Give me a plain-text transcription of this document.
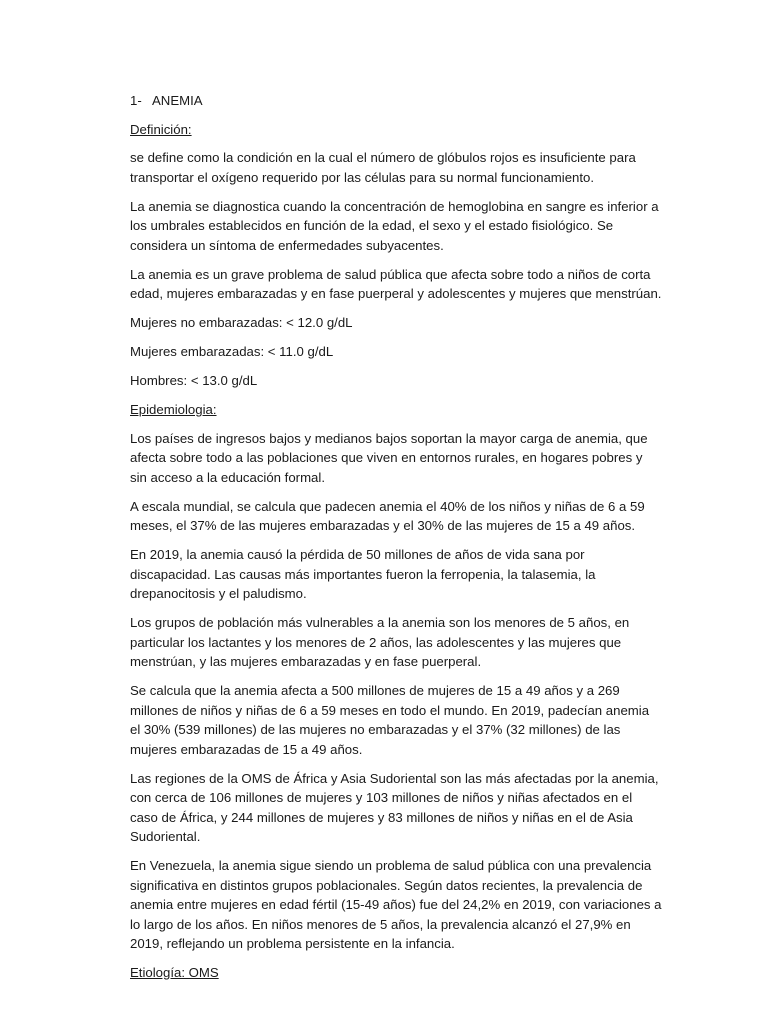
1- ANEMIA
Definición:

se define como la condición en la cual el número de glóbulos rojos es insuficiente para transportar el oxígeno requerido por las células para su normal funcionamiento.

La anemia se diagnostica cuando la concentración de hemoglobina en sangre es inferior a los umbrales establecidos en función de la edad, el sexo y el estado fisiológico. Se considera un síntoma de enfermedades subyacentes.

La anemia es un grave problema de salud pública que afecta sobre todo a niños de corta edad, mujeres embarazadas y en fase puerperal y adolescentes y mujeres que menstrúan.

Mujeres no embarazadas: < 12.0 g/dL

Mujeres embarazadas: < 11.0 g/dL

Hombres: < 13.0 g/dL

Epidemiologia:

Los países de ingresos bajos y medianos bajos soportan la mayor carga de anemia, que afecta sobre todo a las poblaciones que viven en entornos rurales, en hogares pobres y sin acceso a la educación formal.

A escala mundial, se calcula que padecen anemia el 40% de los niños y niñas de 6 a 59 meses, el 37% de las mujeres embarazadas y el 30% de las mujeres de 15 a 49 años.

En 2019, la anemia causó la pérdida de 50 millones de años de vida sana por discapacidad. Las causas más importantes fueron la ferropenia, la talasemia, la drepanocitosis y el paludismo.

Los grupos de población más vulnerables a la anemia son los menores de 5 años, en particular los lactantes y los menores de 2 años, las adolescentes y las mujeres que menstrúan, y las mujeres embarazadas y en fase puerperal.

Se calcula que la anemia afecta a 500 millones de mujeres de 15 a 49 años y a 269 millones de niños y niñas de 6 a 59 meses en todo el mundo. En 2019, padecían anemia el 30% (539 millones) de las mujeres no embarazadas y el 37% (32 millones) de las mujeres embarazadas de 15 a 49 años.

Las regiones de la OMS de África y Asia Sudoriental son las más afectadas por la anemia, con cerca de 106 millones de mujeres y 103 millones de niños y niñas afectados en el caso de África, y 244 millones de mujeres y 83 millones de niños y niñas en el de Asia Sudoriental.

En Venezuela, la anemia sigue siendo un problema de salud pública con una prevalencia significativa en distintos grupos poblacionales. Según datos recientes, la prevalencia de anemia entre mujeres en edad fértil (15-49 años) fue del 24,2% en 2019, con variaciones a lo largo de los años. En niños menores de 5 años, la prevalencia alcanzó el 27,9% en 2019, reflejando un problema persistente en la infancia.

Etiología: OMS
